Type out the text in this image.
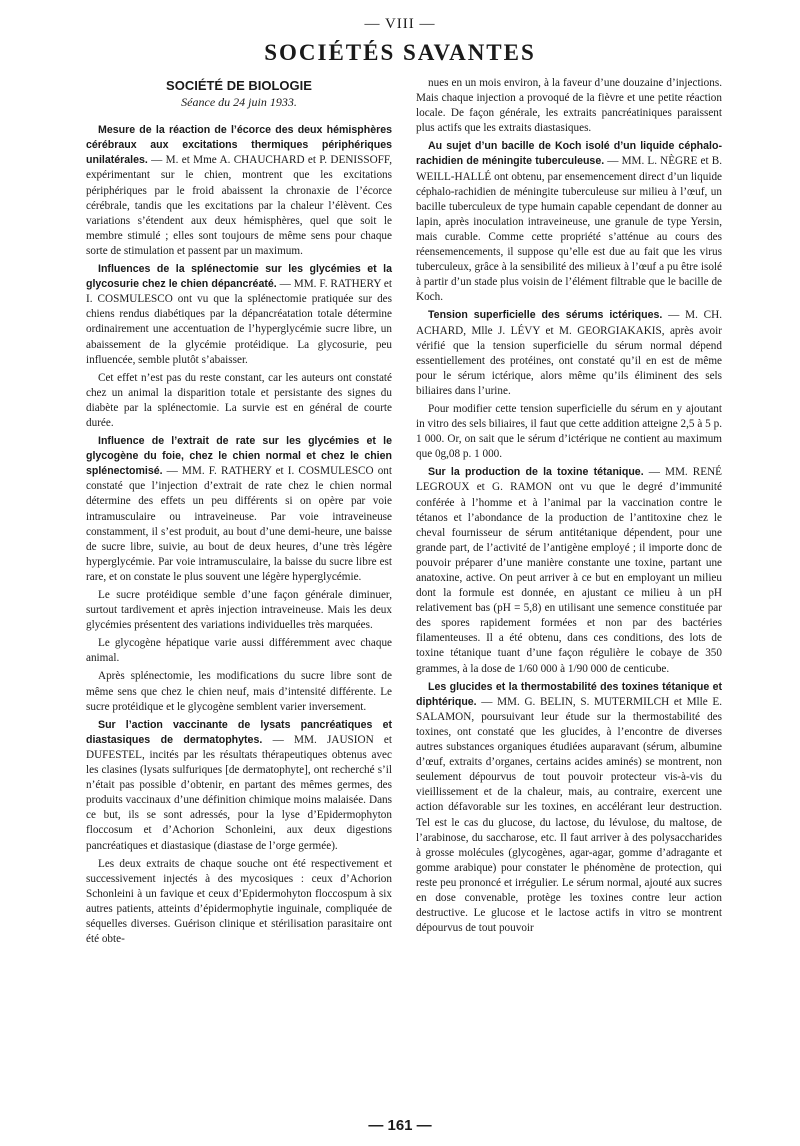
— VIII —
SOCIÉTÉS SAVANTES
SOCIÉTÉ DE BIOLOGIE
Séance du 24 juin 1933.

Mesure de la réaction de l’écorce des deux hémisphères cérébraux aux excitations thermiques périphériques unilatérales. — M. et Mme A. CHAUCHARD et P. DENISSOFF, expérimentant sur le chien, montrent que les excitations périphériques par le froid abaissent la chronaxie de l’écorce cérébrale, tandis que les excitations par la chaleur l’élèvent. Ces variations s’étendent aux deux hémisphères, quel que soit le membre stimulé ; elles sont toujours de même sens pour chaque sorte de stimulation et passent par un maximum.

Influences de la splénectomie sur les glycémies et la glycosurie chez le chien dépancréaté. — MM. F. RATHERY et I. COSMULESCO ont vu que la splénectomie pratiquée sur des chiens rendus diabétiques par la dépancréatation totale détermine ordinairement une accentuation de l’hyperglycémie sucre libre, un abaissement de la glycémie protéidique. La glycosurie, peu influencée, semble plutôt s’abaisser.

Cet effet n’est pas du reste constant, car les auteurs ont constaté chez un animal la disparition totale et persistante des signes du diabète par la splénectomie. La survie est en général de courte durée.

Influence de l’extrait de rate sur les glycémies et le glycogène du foie, chez le chien normal et chez le chien splénectomisé. — MM. F. RATHERY et I. COSMULESCO ont constaté que l’injection d’extrait de rate chez le chien normal détermine des effets un peu différents si on opère par voie intramusculaire ou intraveineuse. Par voie intraveineuse constamment, il s’est produit, au bout d’une demi-heure, une baisse de sucre libre, suivie, au bout de deux heures, d’une très légère hyperglycémie. Par voie intramusculaire, la baisse du sucre libre est rare, et on constate le plus souvent une légère hyperglycémie.

Le sucre protéidique semble d’une façon générale diminuer, surtout tardivement et après injection intraveineuse. Mais les deux glycémies présentent des variations individuelles très marquées.

Le glycogène hépatique varie aussi différemment avec chaque animal.

Après splénectomie, les modifications du sucre libre sont de même sens que chez le chien neuf, mais d’intensité différente. Le sucre protéidique et le glycogène semblent varier inversement.

Sur l’action vaccinante de lysats pancréatiques et diastasiques de dermatophytes. — MM. JAUSION et DUFESTEL, incités par les résultats thérapeutiques obtenus avec les clasines (lysats sulfuriques [de dermatophyte], ont recherché s’il n’était pas possible d’obtenir, en partant des mêmes germes, des produits vaccinaux d’une définition chimique moins malaisée. Dans ce but, ils se sont adressés, pour la lyse d’Epidermophyton floccosum et d’Achorion Schonleini, aux deux digestions pancréatiques et diastasique (diastase de l’orge germée).

Les deux extraits de chaque souche ont été respectivement et successivement injectés à des mycosiques : ceux d’Achorion Schonleini à un favique et ceux d’Epidermohyton floccospum à six autres patients, atteints d’épidermophytie inguinale, compliquée de séquelles diverses. Guérison clinique et stérilisation parasitaire ont été obte-

nues en un mois environ, à la faveur d’une douzaine d’injections. Mais chaque injection a provoqué de la fièvre et une petite réaction locale. De façon générale, les extraits pancréatiniques paraissent plus actifs que les extraits diastasiques.

Au sujet d’un bacille de Koch isolé d’un liquide céphalo-rachidien de méningite tuberculeuse. — MM. L. NÈGRE et B. WEILL-HALLÉ ont obtenu, par ensemencement direct d’un liquide céphalo-rachidien de méningite tuberculeuse sur milieu à l’œuf, un bacille tuberculeux de type humain capable cependant de donner au lapin, après inoculation intraveineuse, une granule de type Yersin, mais curable. Comme cette propriété s’atténue au cours des réensemencements, il suppose qu’elle est due au fait que les virus tuberculeux, grâce à la sensibilité des milieux à l’œuf a pu être isolé à partir d’un stade plus voisin de l’élément filtrable que le bacille de Koch.

Tension superficielle des sérums ictériques. — M. CH. ACHARD, Mlle J. LÉVY et M. GEORGIAKAKIS, après avoir vérifié que la tension superficielle du sérum normal dépend essentiellement des protéines, ont constaté qu’il en est de même pour le sérum ictérique, alors même qu’ils éliminent des sels biliaires dans l’urine.

Pour modifier cette tension superficielle du sérum en y ajoutant in vitro des sels biliaires, il faut que cette addition atteigne 2,5 à 5 p. 1 000. Or, on sait que le sérum d’ictérique ne contient au maximum que 0g,08 p. 1 000.

Sur la production de la toxine tétanique. — MM. RENÉ LEGROUX et G. RAMON ont vu que le degré d’immunité conférée à l’homme et à l’animal par la vaccination contre le tétanos et l’abondance de la production de l’antitoxine chez le cheval fournisseur de sérum antitétanique dépendent, pour une grande part, de l’activité de l’antigène employé ; il importe donc de pouvoir préparer d’une manière constante une toxine, partant une anatoxine, active. On peut arriver à ce but en employant un milieu dont la formule est donnée, en ajustant ce milieu à un pH relativement bas (pH = 5,8) en utilisant une semence constituée par des spores rapidement formées et non par des bactéries filamenteuses. Il a été obtenu, dans ces conditions, des lots de toxine tétanique tuant d’une façon régulière le cobaye de 350 grammes, à la dose de 1/60 000 à 1/90 000 de centicube.

Les glucides et la thermostabilité des toxines tétanique et diphtérique. — MM. G. BELIN, S. MUTERMILCH et Mlle E. SALAMON, poursuivant leur étude sur la thermostabilité des toxines, ont constaté que les glucides, à l’encontre de diverses autres substances organiques étudiées auparavant (sérum, albumine d’œuf, extraits d’organes, certains acides aminés) se montrent, non seulement dépourvus de tout pouvoir protecteur vis-à-vis du vieillissement et de la chaleur, mais, au contraire, exercent une action défavorable sur les toxines, en accélérant leur destruction. Tel est le cas du glucose, du lactose, du lévulose, du maltose, de l’arabinose, du saccharose, etc. Il faut arriver à des polysaccharides à grosse molécules (glycogènes, agar-agar, gomme d’adragante et gomme arabique) pour constater le phénomène de protection, qui reste peu prononcé et irrégulier. Le sérum normal, ajouté aux sucres en dose convenable, protège les toxines contre leur action destructive. Le glucose et le lactose actifs in vitro se montrent dépourvus de tout pouvoir

— 161 —
